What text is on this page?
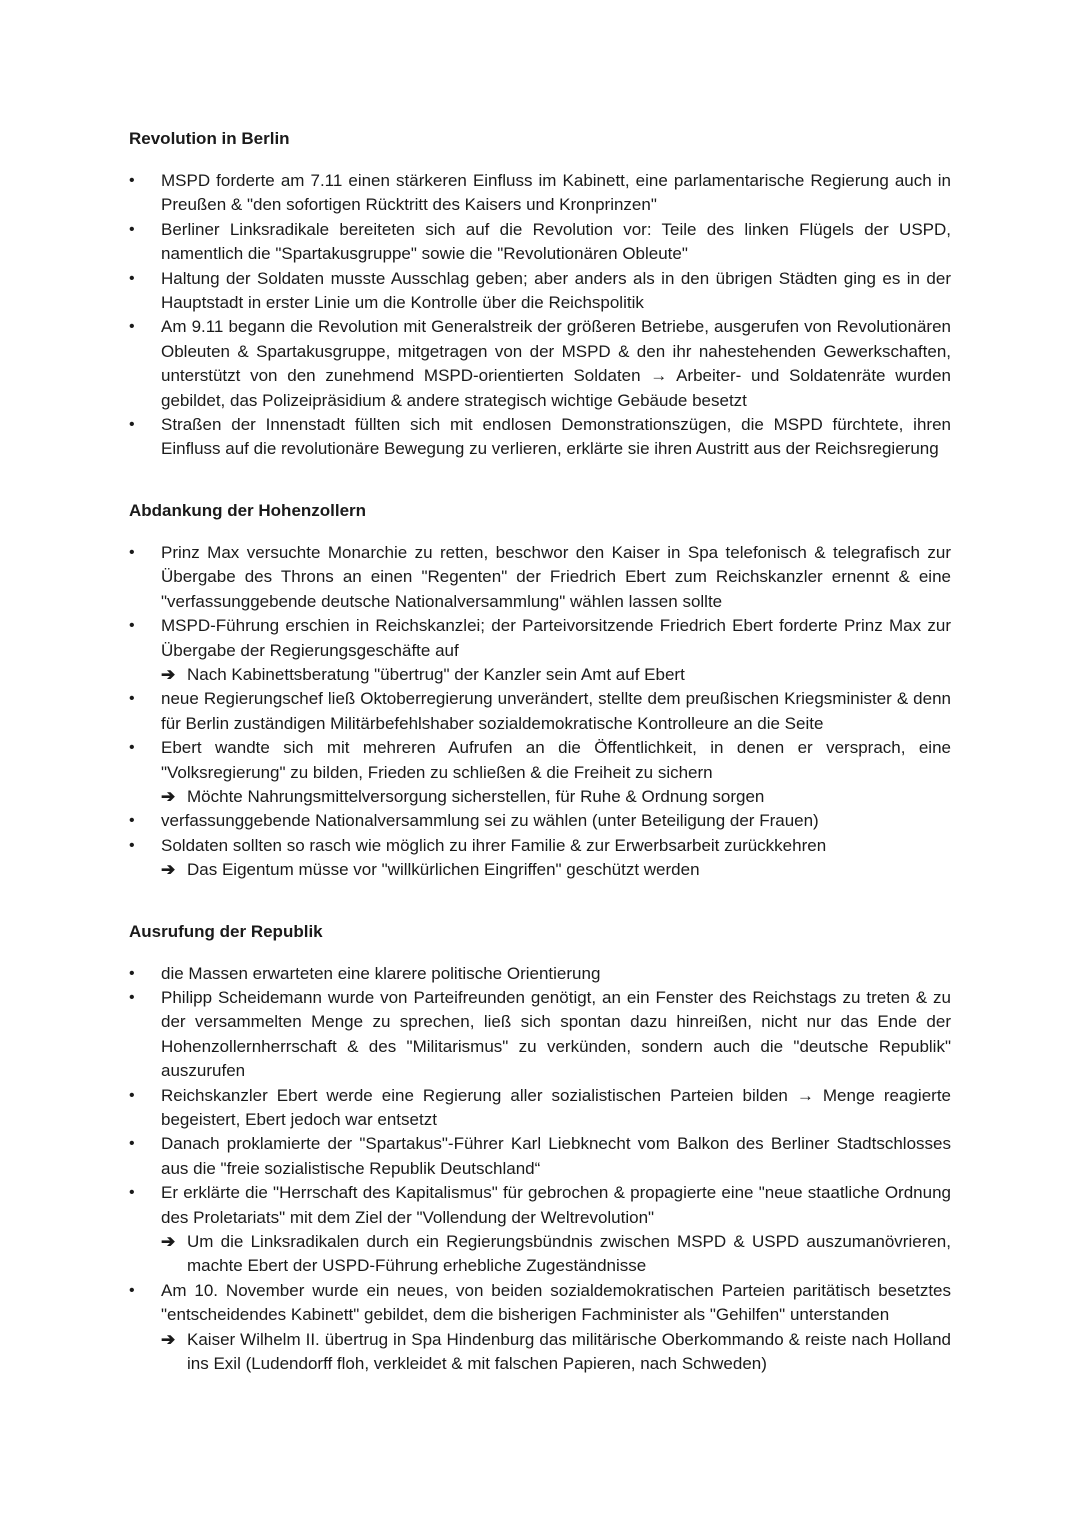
Revolution in Berlin
• MSPD forderte am 7.11 einen stärkeren Einfluss im Kabinett, eine parlamentarische Regierung auch in Preußen & "den sofortigen Rücktritt des Kaisers und Kronprinzen"
• Berliner Linksradikale bereiteten sich auf die Revolution vor: Teile des linken Flügels der USPD, namentlich die "Spartakusgruppe" sowie die "Revolutionären Obleute"
• Haltung der Soldaten musste Ausschlag geben; aber anders als in den übrigen Städten ging es in der Hauptstadt in erster Linie um die Kontrolle über die Reichspolitik
• Am 9.11 begann die Revolution mit Generalstreik der größeren Betriebe, ausgerufen von Revolutionären Obleuten & Spartakusgruppe, mitgetragen von der MSPD & den ihr nahestehenden Gewerkschaften, unterstützt von den zunehmend MSPD-orientierten Soldaten → Arbeiter- und Soldatenräte wurden gebildet, das Polizeipräsidium & andere strategisch wichtige Gebäude besetzt
• Straßen der Innenstadt füllten sich mit endlosen Demonstrationszügen, die MSPD fürchtete, ihren Einfluss auf die revolutionäre Bewegung zu verlieren, erklärte sie ihren Austritt aus der Reichsregierung
Abdankung der Hohenzollern
• Prinz Max versuchte Monarchie zu retten, beschwor den Kaiser in Spa telefonisch & telegrafisch zur Übergabe des Throns an einen "Regenten" der Friedrich Ebert zum Reichskanzler ernennt & eine "verfassunggebende deutsche Nationalversammlung" wählen lassen sollte
• MSPD-Führung erschien in Reichskanzlei; der Parteivorsitzende Friedrich Ebert forderte Prinz Max zur Übergabe der Regierungsgeschäfte auf
➔ Nach Kabinettsberatung "übertrug" der Kanzler sein Amt auf Ebert
• neue Regierungschef ließ Oktoberregierung unverändert, stellte dem preußischen Kriegsminister & denn für Berlin zuständigen Militärbefehlshaber sozialdemokratische Kontrolleure an die Seite
• Ebert wandte sich mit mehreren Aufrufen an die Öffentlichkeit, in denen er versprach, eine "Volksregierung" zu bilden, Frieden zu schließen & die Freiheit zu sichern
➔ Möchte Nahrungsmittelversorgung sicherstellen, für Ruhe & Ordnung sorgen
• verfassunggebende Nationalversammlung sei zu wählen (unter Beteiligung der Frauen)
• Soldaten sollten so rasch wie möglich zu ihrer Familie & zur Erwerbsarbeit zurückkehren
➔ Das Eigentum müsse vor "willkürlichen Eingriffen" geschützt werden
Ausrufung der Republik
• die Massen erwarteten eine klarere politische Orientierung
• Philipp Scheidemann wurde von Parteifreunden genötigt, an ein Fenster des Reichstags zu treten & zu der versammelten Menge zu sprechen, ließ sich spontan dazu hinreißen, nicht nur das Ende der Hohenzollernherrschaft & des "Militarismus" zu verkünden, sondern auch die "deutsche Republik" auszurufen
• Reichskanzler Ebert werde eine Regierung aller sozialistischen Parteien bilden → Menge reagierte begeistert, Ebert jedoch war entsetzt
• Danach proklamierte der "Spartakus"-Führer Karl Liebknecht vom Balkon des Berliner Stadtschlosses aus die "freie sozialistische Republik Deutschland“
• Er erklärte die "Herrschaft des Kapitalismus" für gebrochen & propagierte eine "neue staatliche Ordnung des Proletariats" mit dem Ziel der "Vollendung der Weltrevolution"
➔ Um die Linksradikalen durch ein Regierungsbündnis zwischen MSPD & USPD auszumanövrieren, machte Ebert der USPD-Führung erhebliche Zugeständnisse
• Am 10. November wurde ein neues, von beiden sozialdemokratischen Parteien paritätisch besetztes "entscheidendes Kabinett" gebildet, dem die bisherigen Fachminister als "Gehilfen" unterstanden
➔ Kaiser Wilhelm II. übertrug in Spa Hindenburg das militärische Oberkommando & reiste nach Holland ins Exil (Ludendorff floh, verkleidet & mit falschen Papieren, nach Schweden)
